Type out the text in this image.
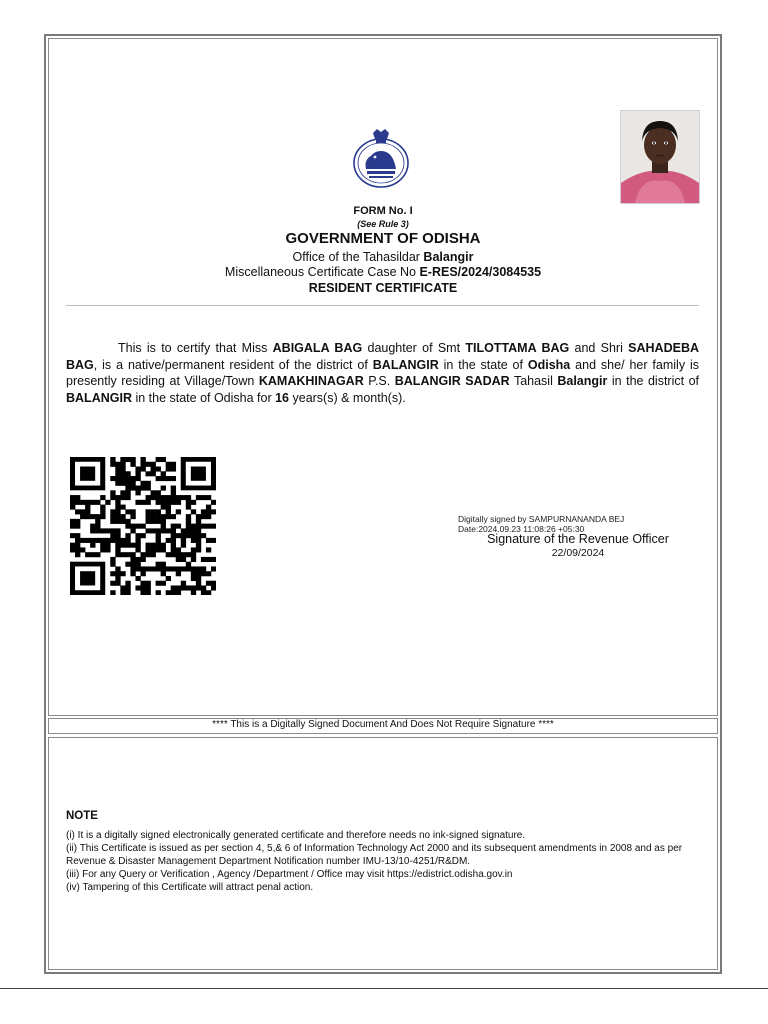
FORM No. I
(See Rule 3)
GOVERNMENT OF ODISHA
Office of the Tahasildar Balangir
Miscellaneous Certificate Case No E-RES/2024/3084535
RESIDENT CERTIFICATE
This is to certify that Miss ABIGALA BAG daughter of Smt TILOTTAMA BAG and Shri SAHADEBA BAG, is a native/permanent resident of the district of BALANGIR in the state of Odisha and she/ her family is presently residing at Village/Town KAMAKHINAGAR P.S. BALANGIR SADAR Tahasil Balangir in the district of BALANGIR in the state of Odisha for 16 years(s) & month(s).
Digitally signed by SAMPURNANANDA BEJ
Date:2024.09.23 11:08:26 +05:30
Signature of the Revenue Officer
22/09/2024
**** This is a Digitally Signed Document And Does Not Require Signature ****
NOTE
(i) It is a digitally signed electronically generated certificate and therefore needs no ink-signed signature.
(ii) This Certificate is issued as per section 4, 5,& 6 of Information Technology Act 2000 and its subsequent amendments in 2008 and as per Revenue & Disaster Management Department Notification number IMU-13/10-4251/R&DM.
(iii) For any Query or Verification , Agency /Department / Office may visit https://edistrict.odisha.gov.in
(iv) Tampering of this Certificate will attract penal action.
